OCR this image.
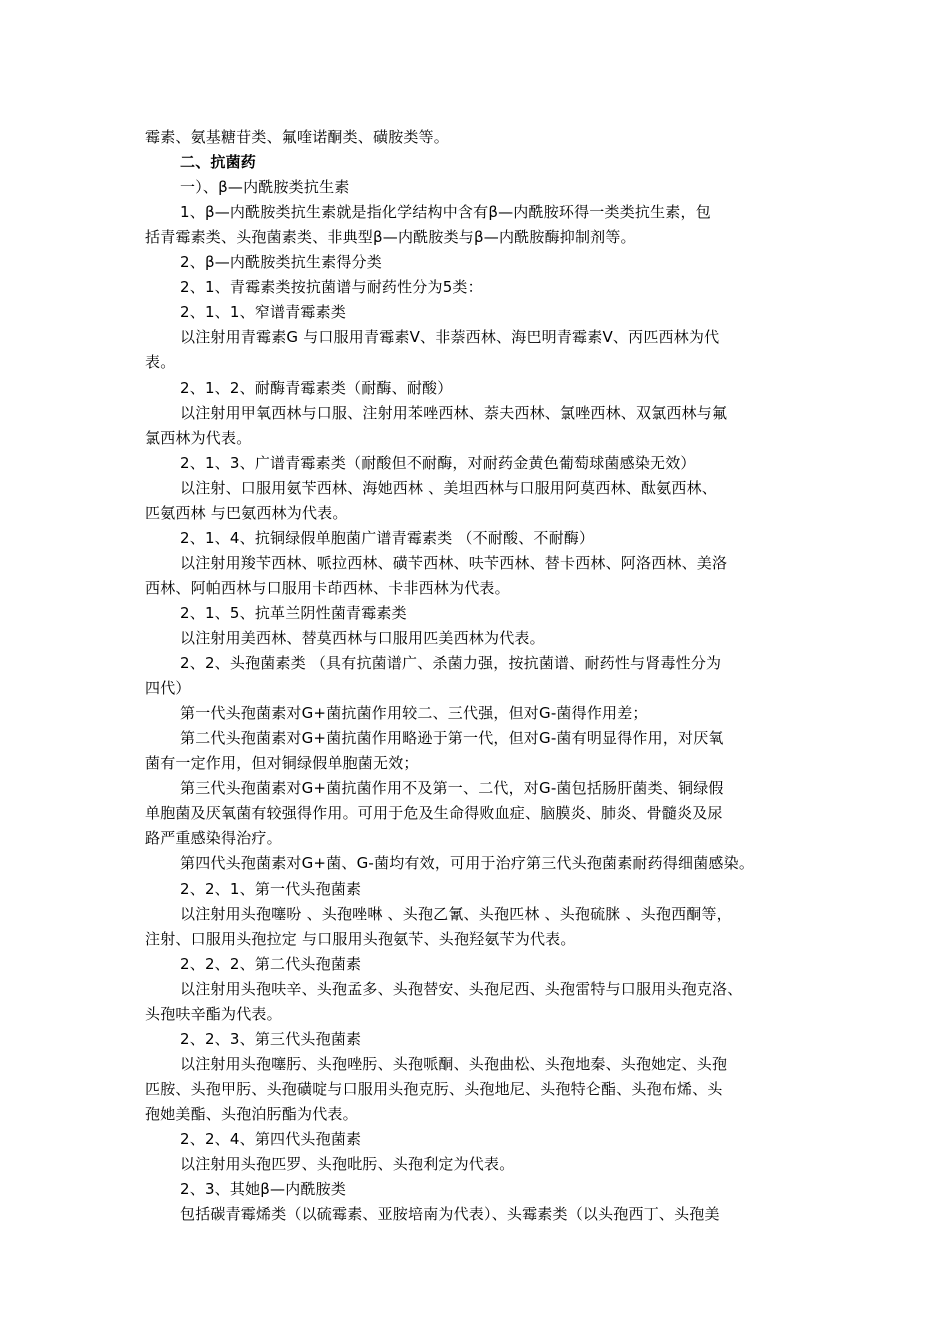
霉素、氨基糖苷类、氟喹诺酮类、磺胺类等。
二、抗菌药
一）、β—内酰胺类抗生素
1、β—内酰胺类抗生素就是指化学结构中含有β—内酰胺环得一类类抗生素，包
括青霉素类、头孢菌素类、非典型β—内酰胺类与β—内酰胺酶抑制剂等。
2、β—内酰胺类抗生素得分类
2、1、青霉素类按抗菌谱与耐药性分为5类：
2、1、1、窄谱青霉素类
以注射用青霉素G 与口服用青霉素Ⅴ、非萘西林、海巴明青霉素V、丙匹西林为代
表。
2、1、2、耐酶青霉素类（耐酶、耐酸）
以注射用甲氧西林与口服、注射用苯唑西林、萘夫西林、氯唑西林、双氯西林与氟
氯西林为代表。
2、1、3、广谱青霉素类（耐酸但不耐酶，对耐药金黄色葡萄球菌感染无效）
以注射、口服用氨苄西林、海她西林 、美坦西林与口服用阿莫西林、酞氨西林、
匹氨西林 与巴氨西林为代表。
2、1、4、抗铜绿假单胞菌广谱青霉素类 （不耐酸、不耐酶）
以注射用羧苄西林、哌拉西林、磺苄西林、呋苄西林、替卡西林、阿洛西林、美洛
西林、阿帕西林与口服用卡茚西林、卡非西林为代表。
2、1、5、抗革兰阴性菌青霉素类
以注射用美西林、替莫西林与口服用匹美西林为代表。
2、2、头孢菌素类 （具有抗菌谱广、杀菌力强，按抗菌谱、耐药性与肾毒性分为
四代）
第一代头孢菌素对G+菌抗菌作用较二、三代强，但对G-菌得作用差；
第二代头孢菌素对G+菌抗菌作用略逊于第一代，但对G-菌有明显得作用，对厌氧
菌有一定作用，但对铜绿假单胞菌无效；
第三代头孢菌素对G+菌抗菌作用不及第一、二代，对G-菌包括肠肝菌类、铜绿假
单胞菌及厌氧菌有较强得作用。可用于危及生命得败血症、脑膜炎、肺炎、骨髓炎及尿
路严重感染得治疗。
第四代头孢菌素对G+菌、G-菌均有效，可用于治疗第三代头孢菌素耐药得细菌感染。
2、2、1、第一代头孢菌素
以注射用头孢噻吩 、头孢唑啉 、头孢乙氰、头孢匹林 、头孢硫脒 、头孢西酮等，
注射、口服用头孢拉定 与口服用头孢氨苄、头孢羟氨苄为代表。
2、2、2、第二代头孢菌素
以注射用头孢呋辛、头孢孟多、头孢替安、头孢尼西、头孢雷特与口服用头孢克洛、
头孢呋辛酯为代表。
2、2、3、第三代头孢菌素
以注射用头孢噻肟、头孢唑肟、头孢哌酮、头孢曲松、头孢地秦、头孢她定、头孢
匹胺、头孢甲肟、头孢磺啶与口服用头孢克肟、头孢地尼、头孢特仑酯、头孢布烯、头
孢她美酯、头孢泊肟酯为代表。
2、2、4、第四代头孢菌素
以注射用头孢匹罗、头孢吡肟、头孢利定为代表。
2、3、其她β—内酰胺类
包括碳青霉烯类（以硫霉素、亚胺培南为代表）、头霉素类（以头孢西丁、头孢美
